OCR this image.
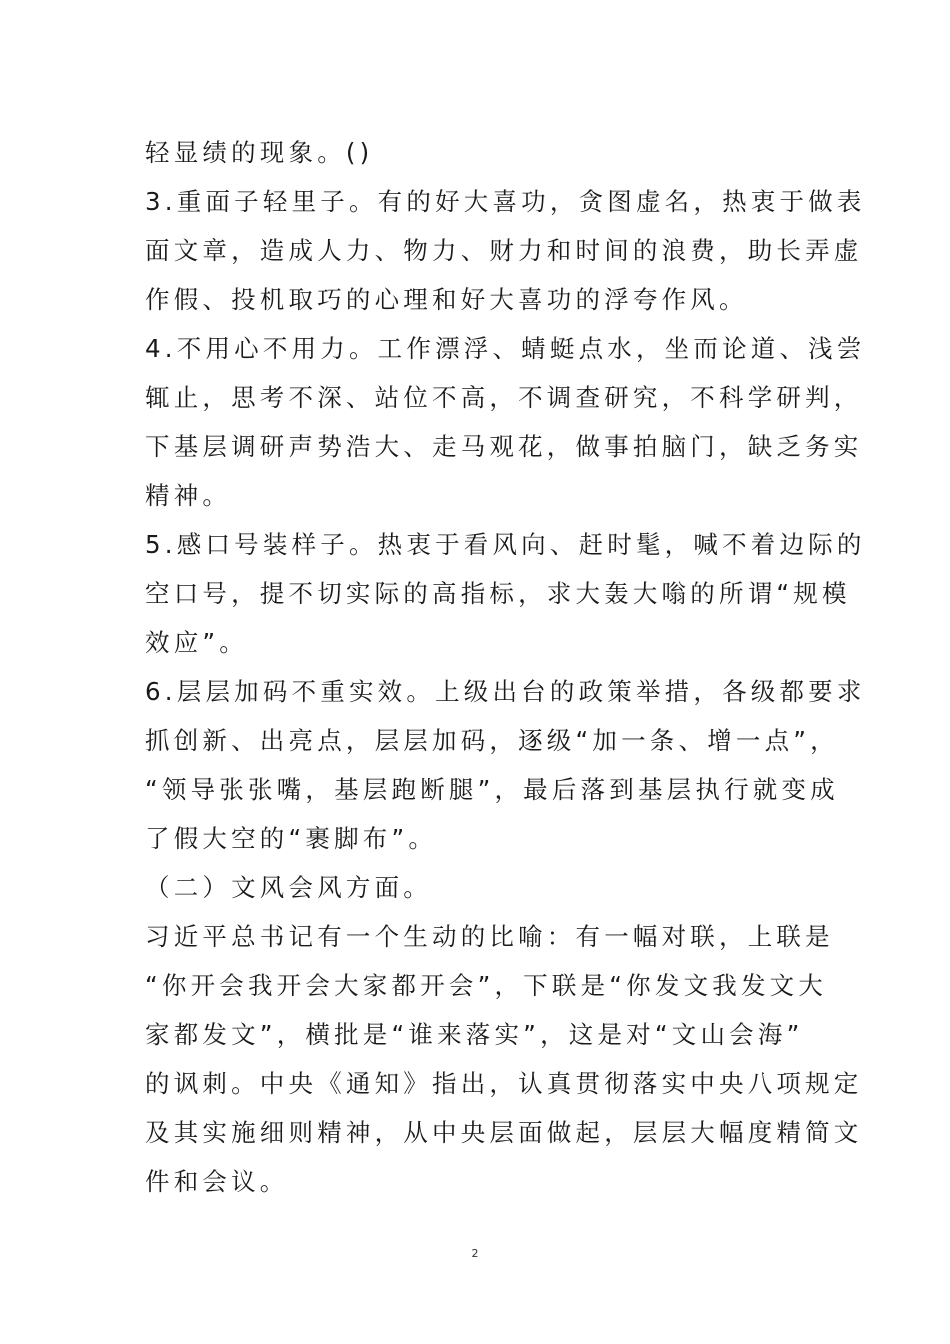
轻显绩的现象。()
3.重面子轻里子。有的好大喜功，贪图虚名，热衷于做表
面文章，造成人力、物力、财力和时间的浪费，助长弄虚
作假、投机取巧的心理和好大喜功的浮夸作风。
4.不用心不用力。工作漂浮、蜻蜓点水，坐而论道、浅尝
辄止，思考不深、站位不高，不调查研究，不科学研判，
下基层调研声势浩大、走马观花，做事拍脑门，缺乏务实
精神。
5.感口号装样子。热衷于看风向、赶时髦，喊不着边际的
空口号，提不切实际的高指标，求大轰大嗡的所谓“规模
效应”。
6.层层加码不重实效。上级出台的政策举措，各级都要求
抓创新、出亮点，层层加码，逐级“加一条、增一点”，
“领导张张嘴，基层跑断腿”，最后落到基层执行就变成
了假大空的“裹脚布”。
（二）文风会风方面。
习近平总书记有一个生动的比喻：有一幅对联，上联是
“你开会我开会大家都开会”，下联是“你发文我发文大
家都发文”，横批是“谁来落实”，这是对“文山会海”
的讽刺。中央《通知》指出，认真贯彻落实中央八项规定
及其实施细则精神，从中央层面做起，层层大幅度精简文
件和会议。
2
